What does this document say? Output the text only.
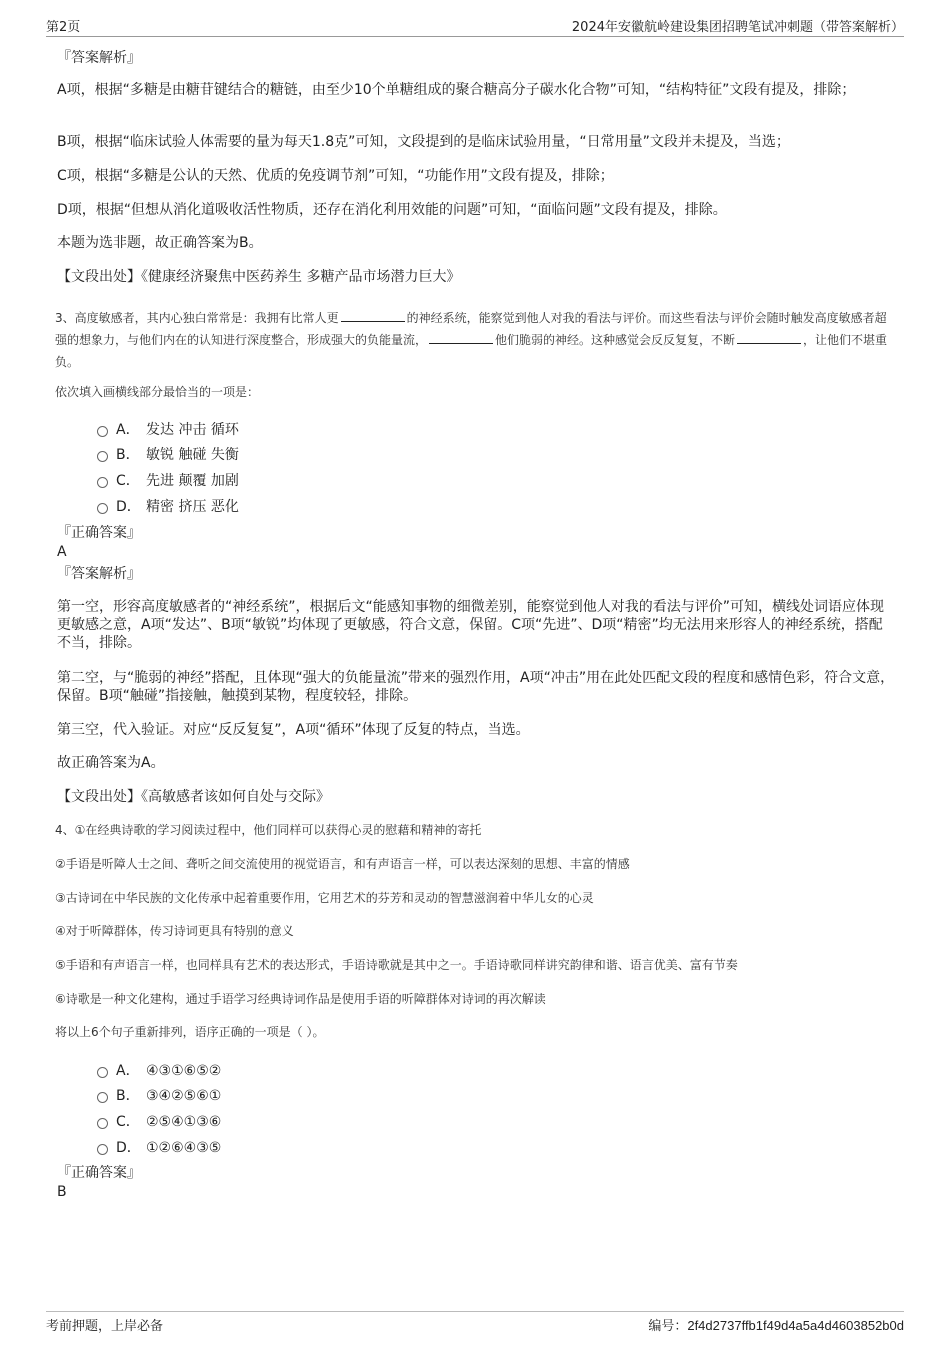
第2页	2024年安徽航岭建设集团招聘笔试冲刺题（带答案解析）
『答案解析』
A项，根据“多糖是由糖苷键结合的糖链，由至少10个单糖组成的聚合糖高分子碳水化合物”可知，“结构特征”文段有提及，排除；
B项，根据“临床试验人体需要的量为每天1.8克”可知，文段提到的是临床试验用量，“日常用量”文段并未提及，当选；
C项，根据“多糖是公认的天然、优质的免疫调节剂”可知，“功能作用”文段有提及，排除；
D项，根据“但想从消化道吸收活性物质，还存在消化利用效能的问题”可知，“面临问题”文段有提及，排除。
本题为选非题，故正确答案为B。
【文段出处】《健康经济聚焦中医药养生 多糖产品市场潜力巨大》
3、高度敏感者，其内心独白常常是：我拥有比常人更	的神经系统，能察觉到他人对我的看法与评价。而这些看法与评价会随时触发高度敏感者超强的想象力，与他们内在的认知进行深度整合，形成强大的负能量流，	他们脆弱的神经。这种感觉会反反复复，不断	，让他们不堪重负。
依次填入画横线部分最恰当的一项是：
A． 发达 冲击 循环
B． 敏锐 触碰 失衡
C． 先进 颠覆 加剧
D． 精密 挤压 恶化
『正确答案』
A
『答案解析』
第一空，形容高度敏感者的“神经系统”，根据后文“能感知事物的细微差别，能察觉到他人对我的看法与评价”可知，横线处词语应体现更敏感之意，A项“发达”、B项“敏锐”均体现了更敏感，符合文意，保留。C项“先进”、D项“精密”均无法用来形容人的神经系统，搭配不当，排除。
第二空，与“脆弱的神经”搭配，且体现“强大的负能量流”带来的强烈作用，A项“冲击”用在此处匹配文段的程度和感情色彩，符合文意，保留。B项“触碰”指接触，触摸到某物，程度较轻，排除。
第三空，代入验证。对应“反反复复”，A项“循环”体现了反复的特点，当选。
故正确答案为A。
【文段出处】《高敏感者该如何自处与交际》
4、①在经典诗歌的学习阅读过程中，他们同样可以获得心灵的慰藉和精神的寄托
②手语是听障人士之间、聋听之间交流使用的视觉语言，和有声语言一样，可以表达深刻的思想、丰富的情感
③古诗词在中华民族的文化传承中起着重要作用，它用艺术的芬芳和灵动的智慧滋润着中华儿女的心灵
④对于听障群体，传习诗词更具有特别的意义
⑤手语和有声语言一样，也同样具有艺术的表达形式，手语诗歌就是其中之一。手语诗歌同样讲究韵律和谐、语言优美、富有节奏
⑥诗歌是一种文化建构，通过手语学习经典诗词作品是使用手语的听障群体对诗词的再次解读
将以上6个句子重新排列，语序正确的一项是（ ）。
A． ④③①⑥⑤②
B． ③④②⑤⑥①
C． ②⑤④①③⑥
D． ①②⑥④③⑤
『正确答案』
B
考前押题，上岸必备	编号：2f4d2737ffb1f49d4a5a4d4603852b0d
